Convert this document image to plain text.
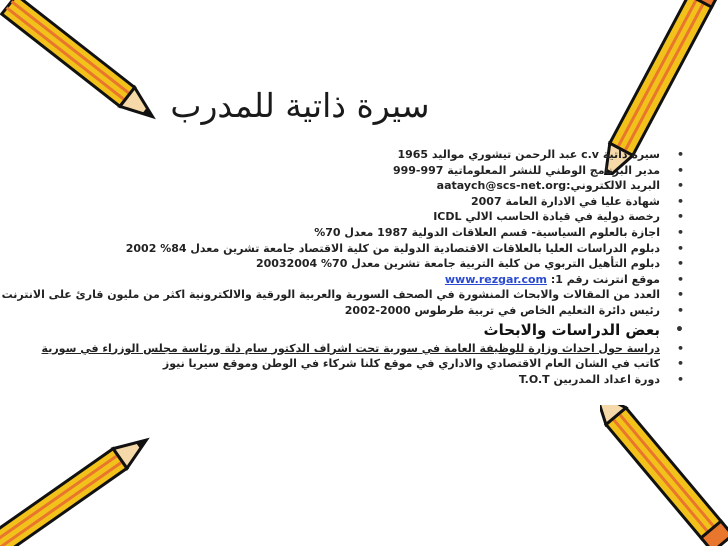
سيرة ذاتية للمدرب
• سيرة ذاتية c.v عبد الرحمن تيشوري مواليد 1965
• مدير البرنامج الوطني للنشر المعلوماتية 997-999
• البريد الالكتروني:aataych@scs-net.org
• شهادة عليا في الادارة العامة 2007
• رخصة دولية في قيادة الحاسب الالي ICDL
• اجازة بالعلوم السياسية- قسم العلاقات الدولية 1987 معدل 70%
• دبلوم الدراسات العليا بالعلاقات الاقتصادية الدولية من كلية الاقتصاد جامعة تشرين معدل 84% 2002
• دبلوم التأهيل التربوي من كلية التربية جامعة تشرين معدل 70% 20032004
• موقع انترنت رقم www.rezgar.com :1
• العدد من المقالات والابحاث المنشورة في الصحف السورية والعربية الورقية والالكترونية اكثر من مليون قارئ على الانترنت
• رئيس دائرة التعليم الخاص في تربية طرطوس 2000-2002
• بعض الدراسات والابحاث
• دراسة حول احداث وزارة للوظيفة العامة في سورية تحت اشراف الدكتور سام دلة ورئاسة مجلس الوزراء في سورية
• كاتب في الشان العام الاقتصادي والاداري في موقع كلنا شركاء في الوطن وموقع سيريا نيوز
• دورة اعداد المدربين T.O.T
